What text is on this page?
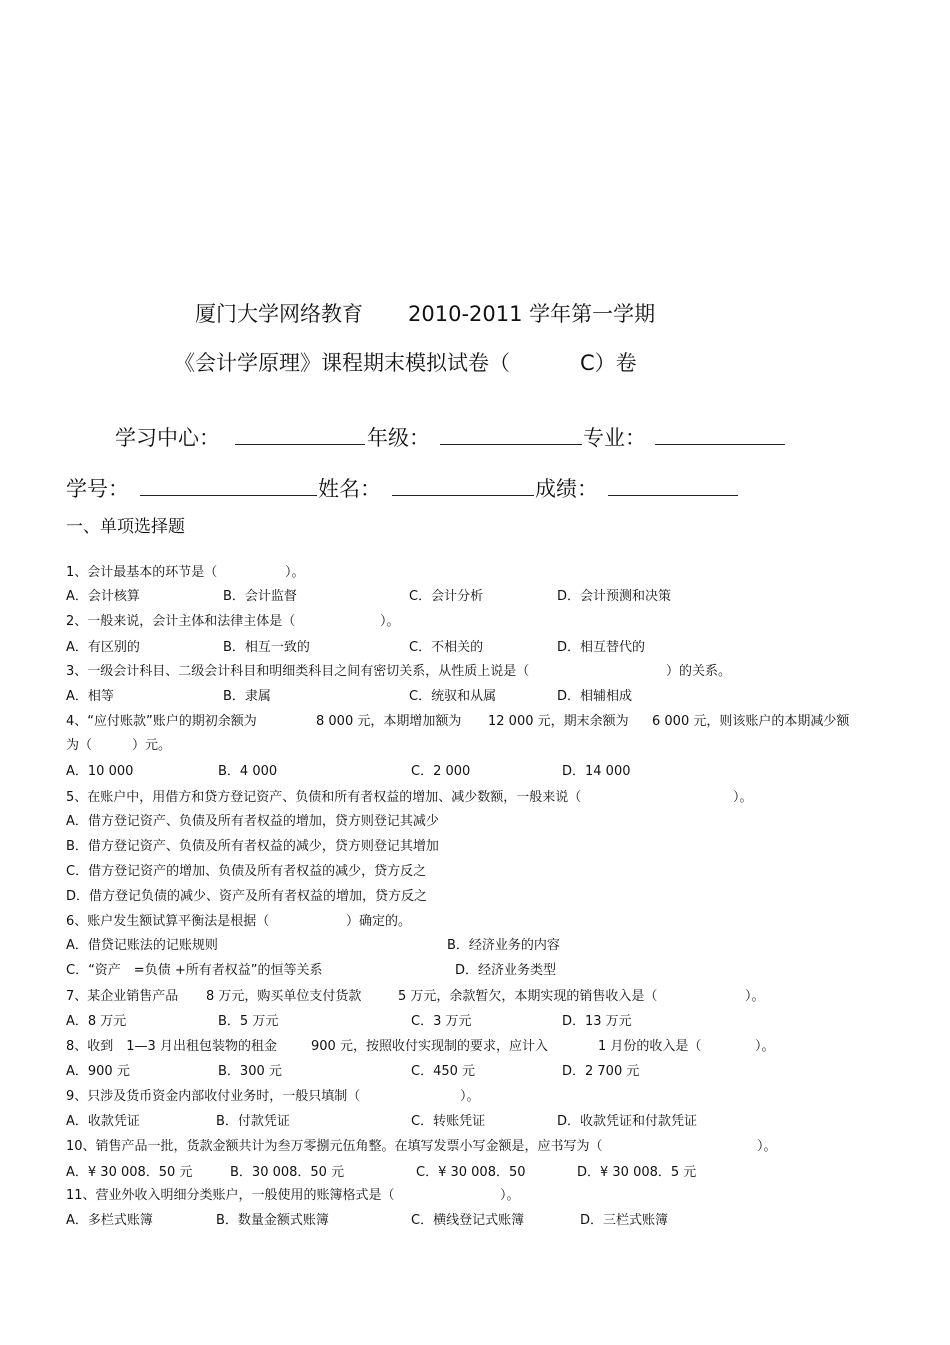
厦门大学网络教育 2010-2011 学年第一学期
《会计学原理》课程期末模拟试卷（	C）卷
学习中心：	年级：	专业：
学号：	姓名：	成绩：
一、单项选择题
1、会计最基本的环节是（	）。
A．会计核算	B．会计监督	C．会计分析	D．会计预测和决策
2、一般来说，会计主体和法律主体是（	）。
A．有区别的	B．相互一致的	C．不相关的	D．相互替代的
3、一级会计科目、二级会计科目和明细类科目之间有密切关系，从性质上说是（	）的关系。
A．相等	B．隶属	C．统驭和从属	D．相辅相成
4、“应付账款”账户的期初余额为	8 000 元，本期增加额为 12 000 元，期末余额为 6 000 元，则该账户的本期减少额
为（	）元。
A．10 000	B．4 000	C．2 000	D．14 000
5、在账户中，用借方和贷方登记资产、负债和所有者权益的增加、减少数额，一般来说（	）。
A．借方登记资产、负债及所有者权益的增加，贷方则登记其减少
B．借方登记资产、负债及所有者权益的减少，贷方则登记其增加
C．借方登记资产的增加、负债及所有者权益的减少，贷方反之
D．借方登记负债的减少、资产及所有者权益的增加，贷方反之
6、账户发生额试算平衡法是根据（	）确定的。
A．借贷记账法的记账规则	B．经济业务的内容
C．“资产　=负债 +所有者权益”的恒等关系	D．经济业务类型
7、某企业销售产品 8 万元，购买单位支付货款	5 万元，余款暂欠，本期实现的销售收入是（	）。
A．8 万元	B．5 万元	C．3 万元	D．13 万元
8、收到　1—3 月出租包装物的租金	900 元，按照收付实现制的要求，应计入	1 月份的收入是（	）。
A．900 元	B．300 元	C．450 元	D．2 700 元
9、只涉及货币资金内部收付业务时，一般只填制（	）。
A．收款凭证	B．付款凭证	C．转账凭证	D．收款凭证和付款凭证
10、销售产品一批，货款金额共计为叁万零捌元伍角整。在填写发票小写金额是，应书写为（	）。
A．¥ 30 008．50 元	B．30 008．50 元	C．¥ 30 008．50	D．¥ 30 008．5 元
11、营业外收入明细分类账户，一般使用的账簿格式是（	）。
A．多栏式账簿	B．数量金额式账簿	C．横线登记式账簿	D．三栏式账簿
